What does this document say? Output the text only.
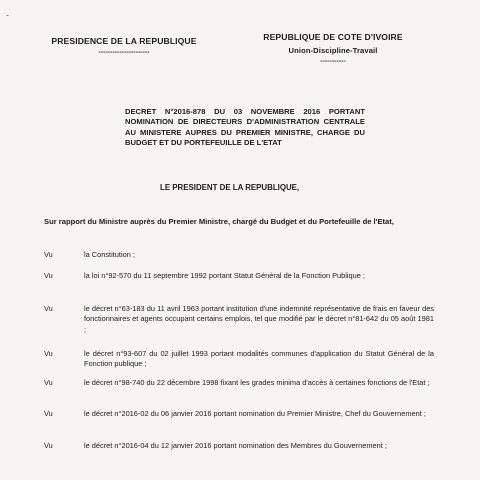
-
PRESIDENCE DE LA REPUBLIQUE
----------------------
REPUBLIQUE DE COTE D'IVOIRE
Union-Discipline-Travail
-----------
DECRET N°2016-878 DU 03 NOVEMBRE 2016 PORTANT NOMINATION DE DIRECTEURS D'ADMINISTRATION CENTRALE AU MINISTERE AUPRES DU PREMIER MINISTRE, CHARGE DU BUDGET ET DU PORTEFEUILLE DE L'ETAT
LE PRESIDENT DE LA REPUBLIQUE,
Sur rapport du Ministre auprès du Premier Ministre, chargé du Budget et du Portefeuille de l'Etat,
Vu	la Constitution ;
Vu	la loi n°92-570 du 11 septembre 1992 portant Statut Général de la Fonction Publique ;
Vu	le décret n°63-183 du 11 avril 1963 portant institution d'une indemnité représentative de frais en faveur des fonctionnaires et agents occupant certains emplois, tel que modifié par le décret n°81-642 du 05 août 1981 ;
Vu	le décret n°93-607 du 02 juillet 1993 portant modalités communes d'application du Statut Général de la Fonction publique ;
Vu	le décret n°98-740 du 22 décembre 1998 fixant les grades minima d'accès à certaines fonctions de l'Etat ;
Vu	le décret n°2016-02 du 06 janvier 2016 portant nomination du Premier Ministre, Chef du Gouvernement ;
Vu	le décret n°2016-04 du 12 janvier 2016 portant nomination des Membres du Gouvernement ;
